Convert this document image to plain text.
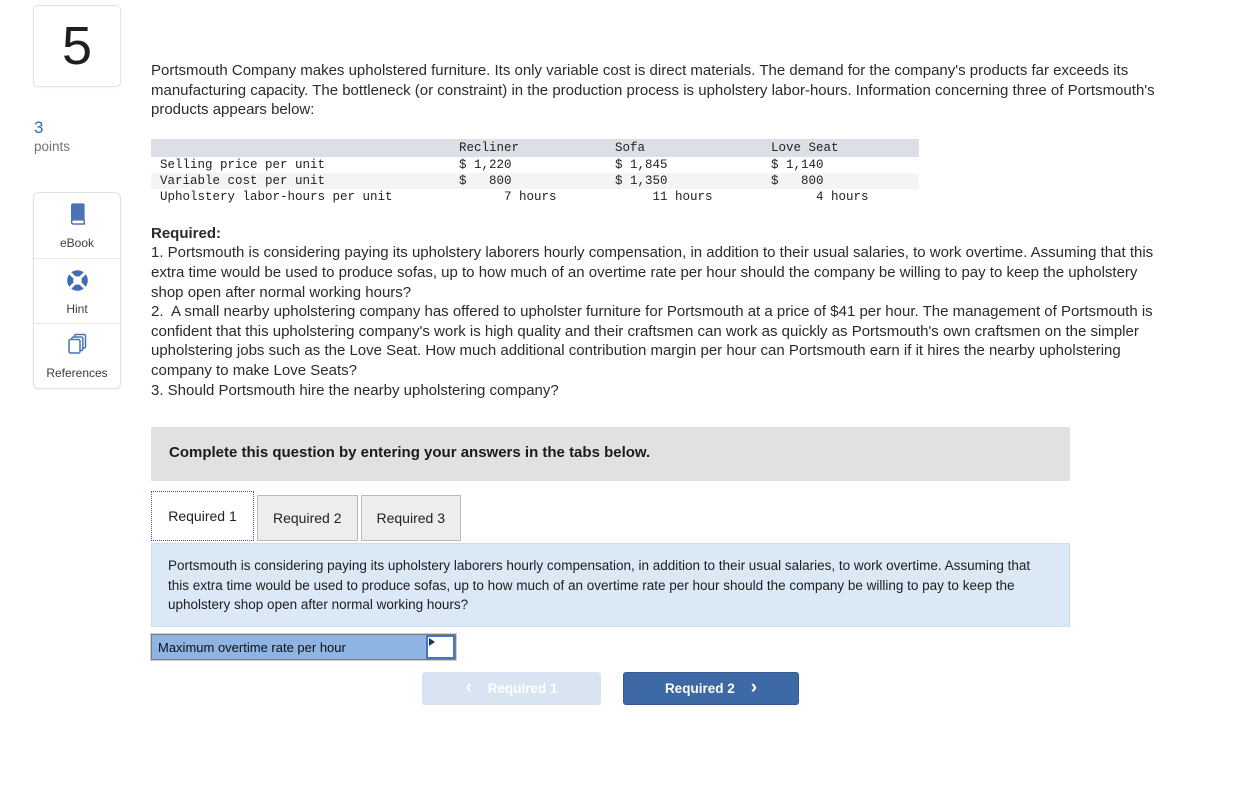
5
3
points
eBook
Hint
References

Portsmouth Company makes upholstered furniture. Its only variable cost is direct materials. The demand for the company's products far exceeds its manufacturing capacity. The bottleneck (or constraint) in the production process is upholstery labor-hours. Information concerning three of Portsmouth's products appears below:

	Recliner	Sofa	Love Seat
Selling price per unit	$ 1,220	$ 1,845	$ 1,140
Variable cost per unit	$   800	$ 1,350	$   800
Upholstery labor-hours per unit	7 hours	11 hours	4 hours

Required:

1. Portsmouth is considering paying its upholstery laborers hourly compensation, in addition to their usual salaries, to work overtime. Assuming that this extra time would be used to produce sofas, up to how much of an overtime rate per hour should the company be willing to pay to keep the upholstery shop open after normal working hours?

2.  A small nearby upholstering company has offered to upholster furniture for Portsmouth at a price of $41 per hour. The management of Portsmouth is confident that this upholstering company's work is high quality and their craftsmen can work as quickly as Portsmouth's own craftsmen on the simpler upholstering jobs such as the Love Seat. How much additional contribution margin per hour can Portsmouth earn if it hires the nearby upholstering company to make Love Seats?

3. Should Portsmouth hire the nearby upholstering company?

Complete this question by entering your answers in the tabs below.
Required 1	Required 2	Required 3
Portsmouth is considering paying its upholstery laborers hourly compensation, in addition to their usual salaries, to work overtime. Assuming that this extra time would be used to produce sofas, up to how much of an overtime rate per hour should the company be willing to pay to keep the upholstery shop open after normal working hours?
Maximum overtime rate per hour
‹ Required 1	Required 2 ›
